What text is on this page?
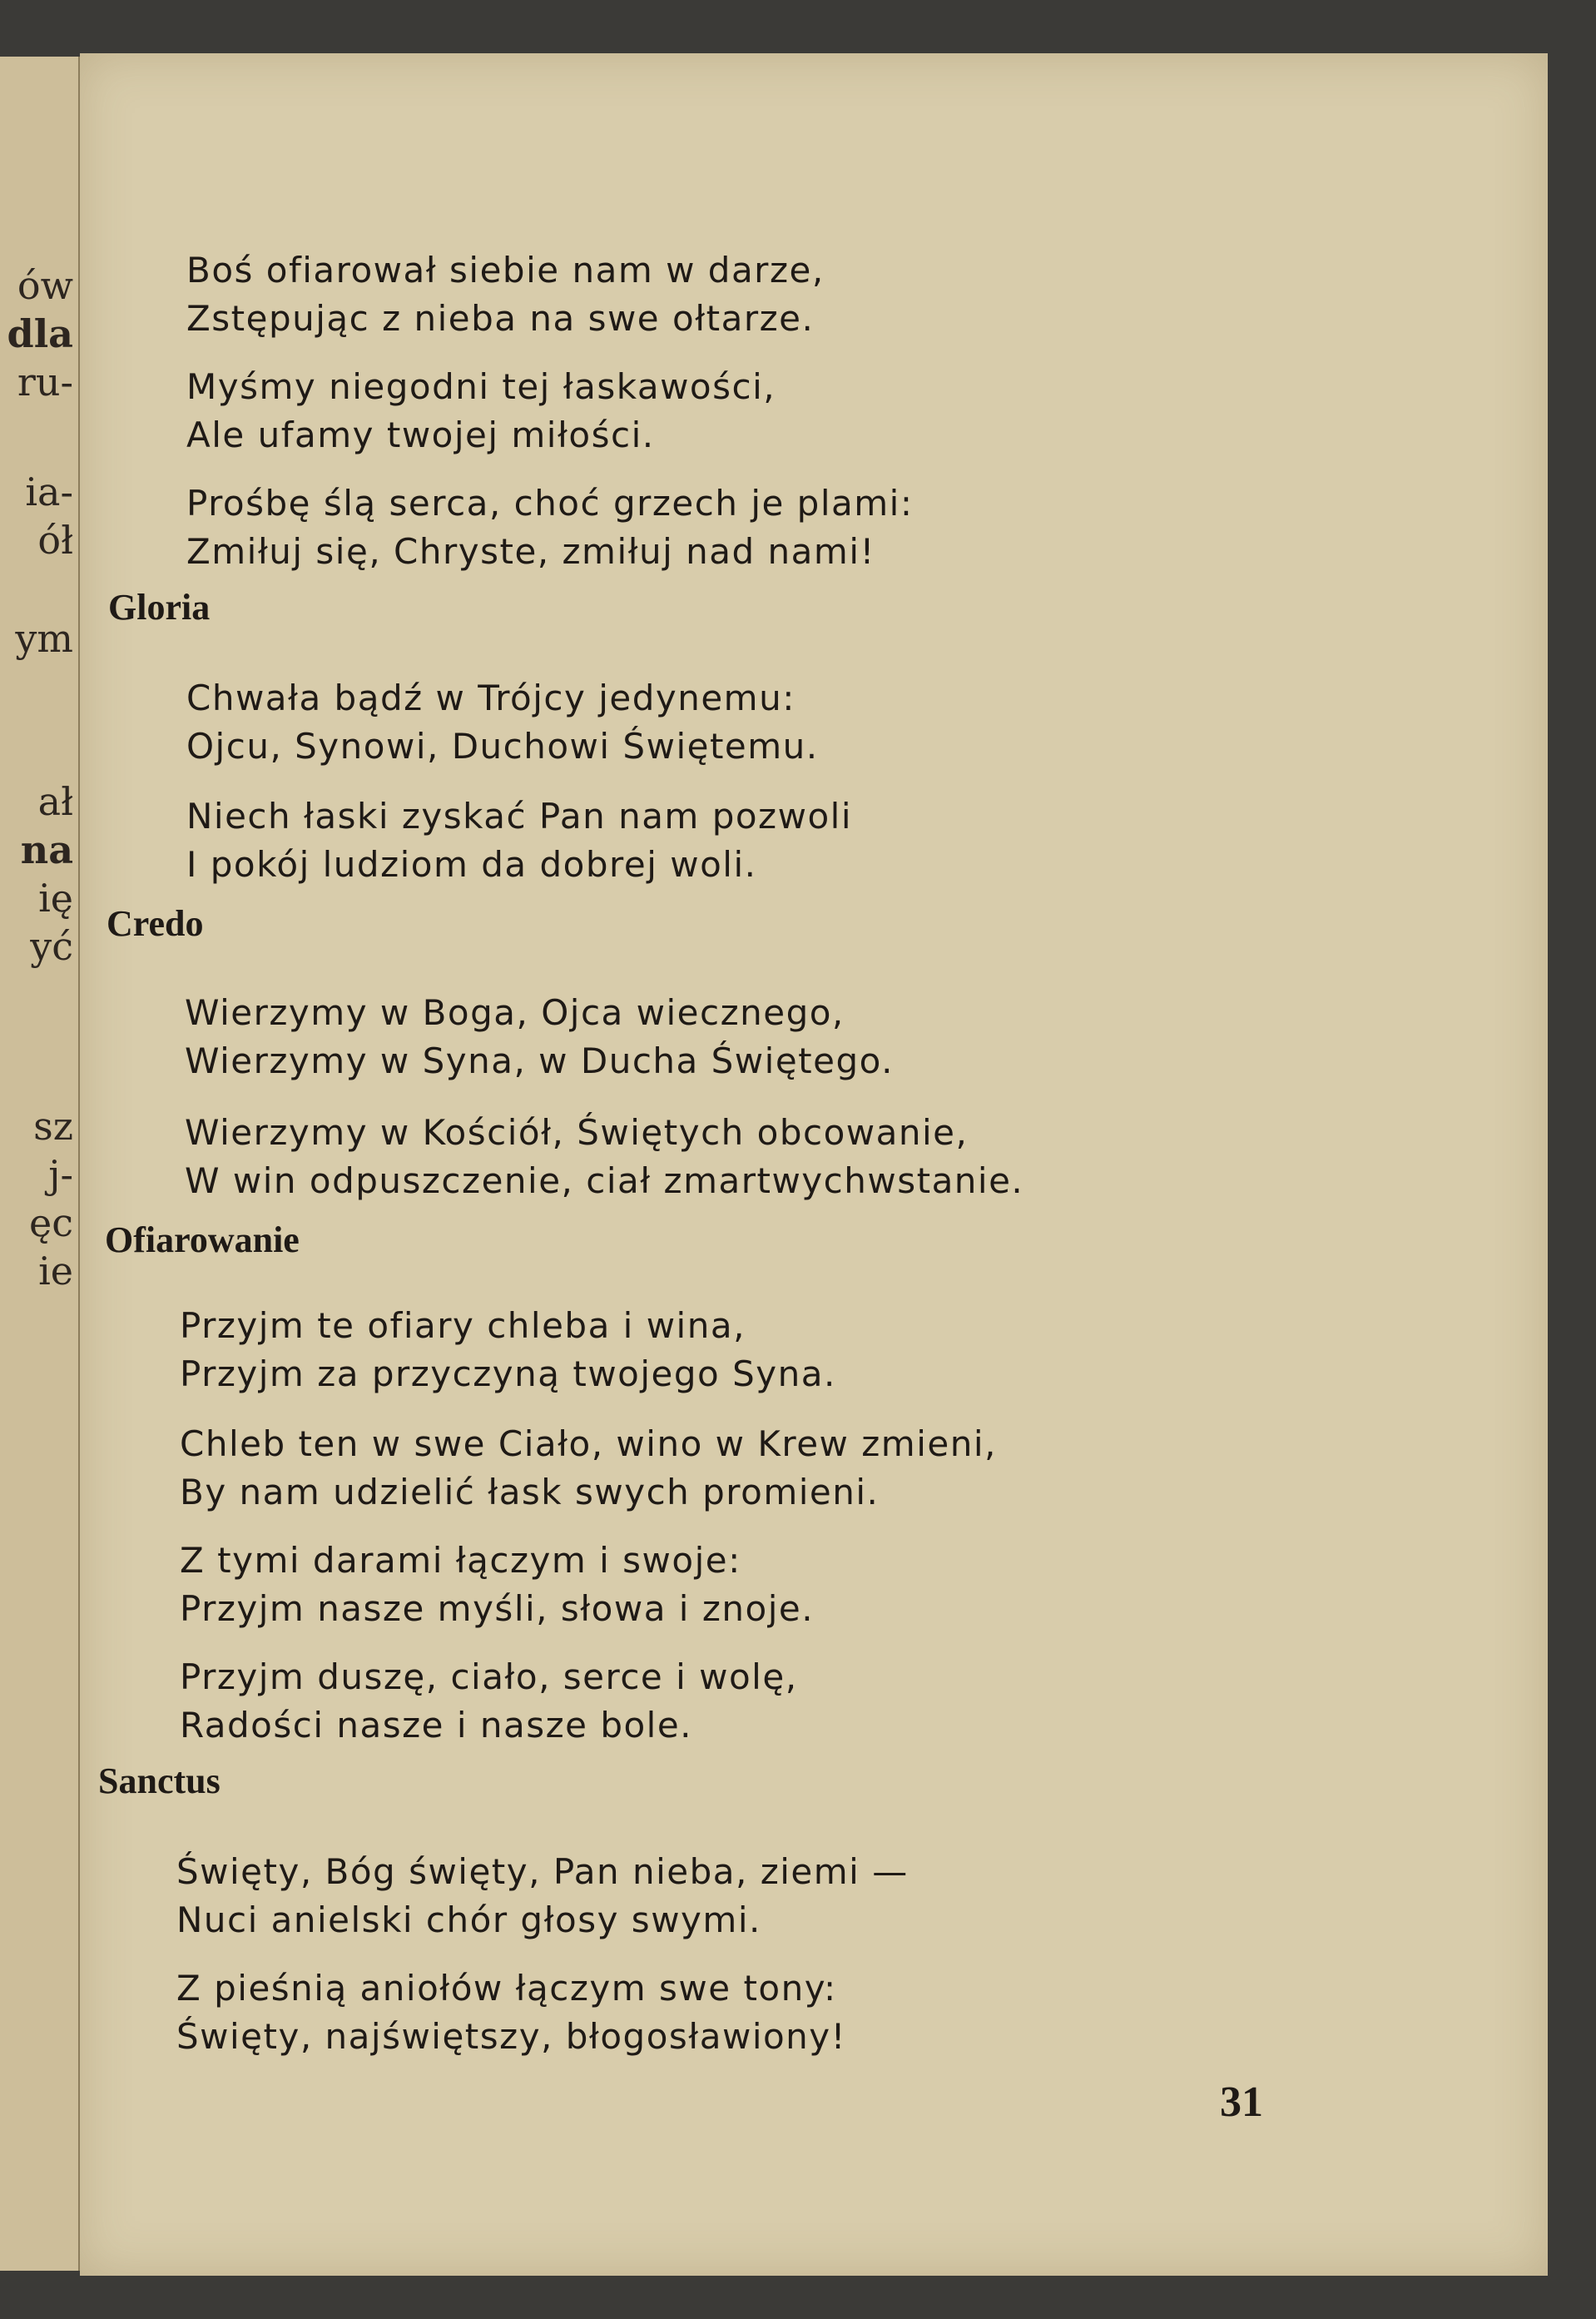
ów
dla
ru-
ia-
ół
ym
ał
na
ię
yć
sz
j-
ęc
ie
Boś ofiarował siebie nam w darze,
Zstępując z nieba na swe ołtarze.
Myśmy niegodni tej łaskawości,
Ale ufamy twojej miłości.
Prośbę ślą serca, choć grzech je plami:
Zmiłuj się, Chryste, zmiłuj nad nami!
Gloria
Chwała bądź w Trójcy jedynemu:
Ojcu, Synowi, Duchowi Świętemu.
Niech łaski zyskać Pan nam pozwoli
I pokój ludziom da dobrej woli.
Credo
Wierzymy w Boga, Ojca wiecznego,
Wierzymy w Syna, w Ducha Świętego.
Wierzymy w Kościół, Świętych obcowanie,
W win odpuszczenie, ciał zmartwychwstanie.
Ofiarowanie
Przyjm te ofiary chleba i wina,
Przyjm za przyczyną twojego Syna.
Chleb ten w swe Ciało, wino w Krew zmieni,
By nam udzielić łask swych promieni.
Z tymi darami łączym i swoje:
Przyjm nasze myśli, słowa i znoje.
Przyjm duszę, ciało, serce i wolę,
Radości nasze i nasze bole.
Sanctus
Święty, Bóg święty, Pan nieba, ziemi —
Nuci anielski chór głosy swymi.
Z pieśnią aniołów łączym swe tony:
Święty, najświętszy, błogosławiony!
31
